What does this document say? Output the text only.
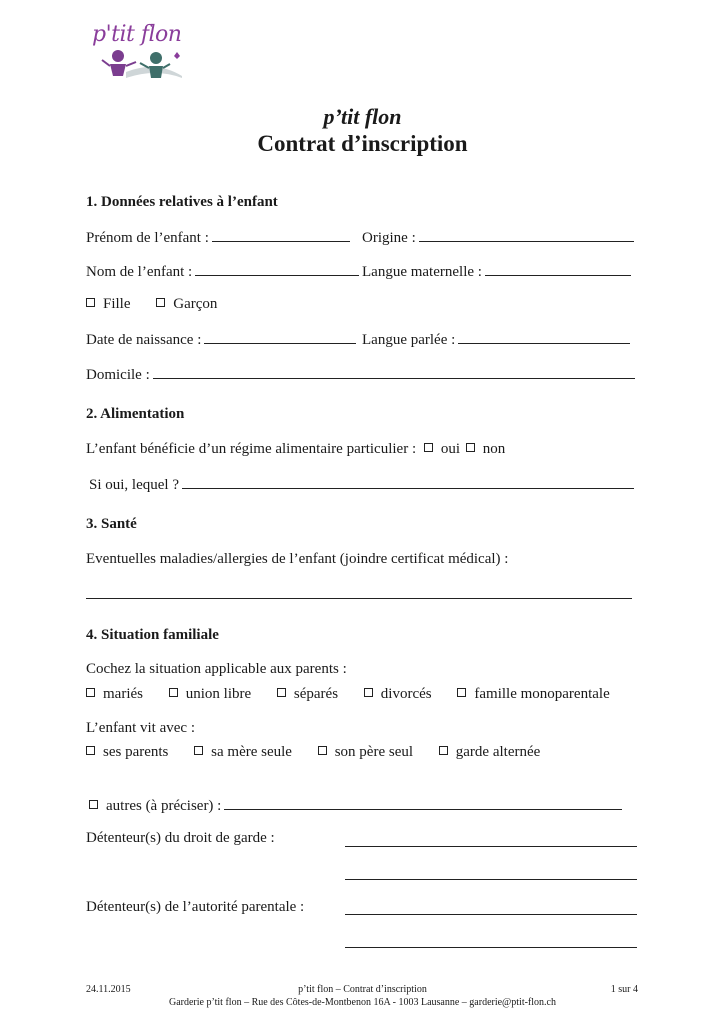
p'tit flon
p’tit flon
Contrat d’inscription
1. Données relatives à l’enfant
Prénom de l’enfant :	Origine :
Nom de l’enfant :	Langue maternelle :
Fille	Garçon
Date de naissance :	Langue parlée :
Domicile :
2. Alimentation
L’enfant bénéficie d’un régime alimentaire particulier : oui non
Si oui, lequel ?
3. Santé
Eventuelles maladies/allergies de l’enfant (joindre certificat médical) :
4. Situation familiale
Cochez la situation applicable aux parents :
mariés	union libre	séparés	divorcés	famille monoparentale
L’enfant vit avec :
ses parents	sa mère seule	son père seul	garde alternée
autres (à préciser) :
Détenteur(s) du droit de garde :
Détenteur(s) de l’autorité parentale :
24.11.2015	p’tit flon – Contrat d’inscription	1 sur 4
Garderie p’tit flon – Rue des Côtes-de-Montbenon 16A - 1003 Lausanne – garderie@ptit-flon.ch
